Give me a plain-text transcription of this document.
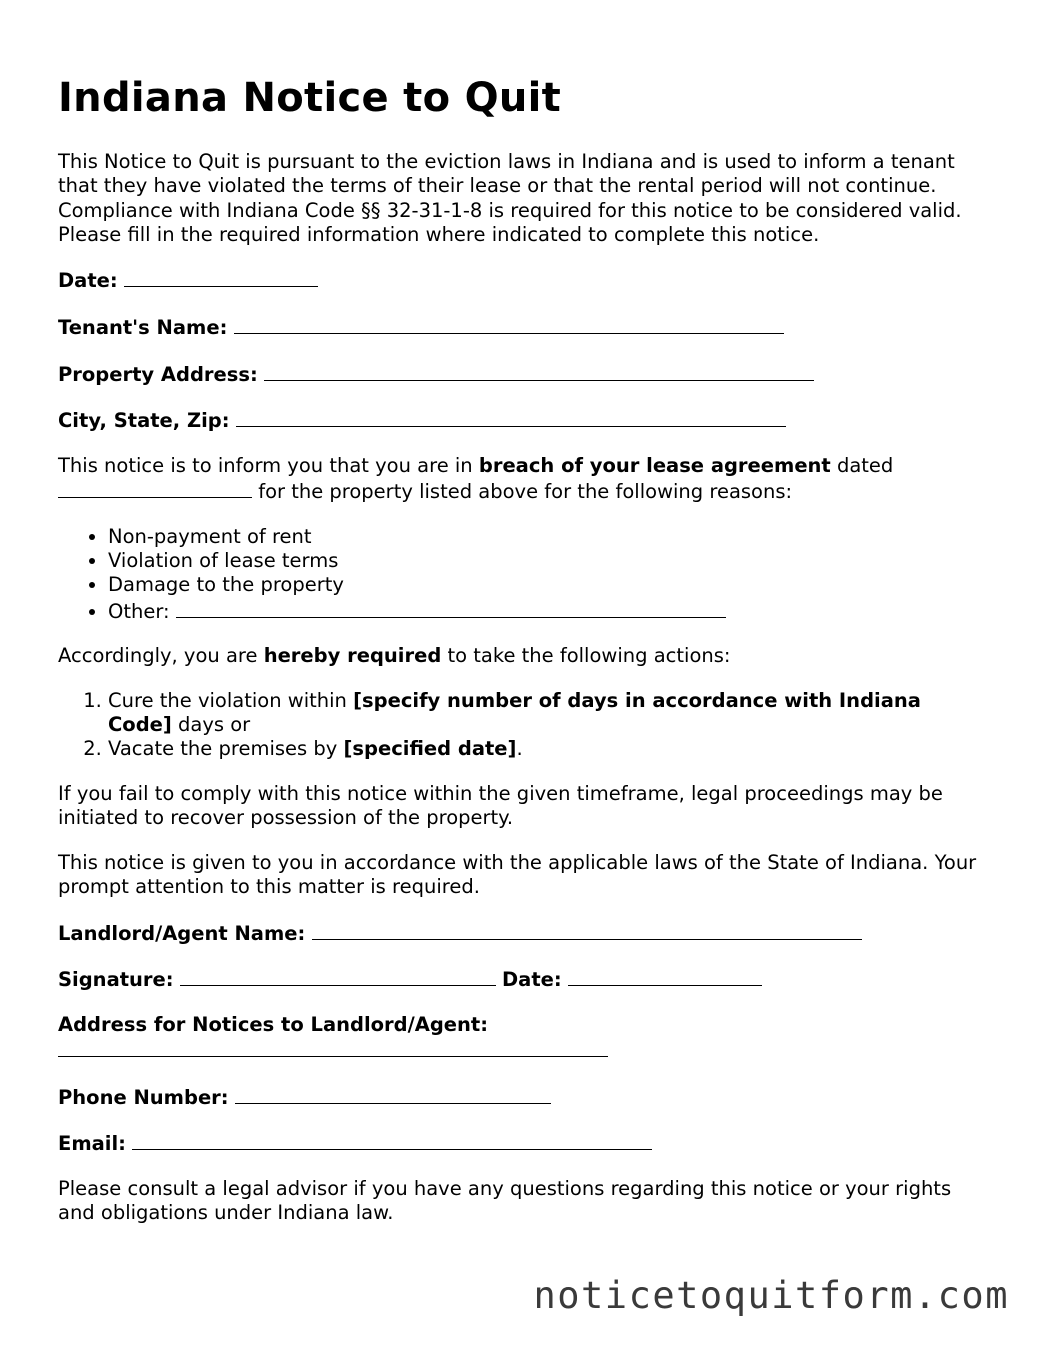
Indiana Notice to Quit

This Notice to Quit is pursuant to the eviction laws in Indiana and is used to inform a tenant that they have violated the terms of their lease or that the rental period will not continue. Compliance with Indiana Code §§ 32-31-1-8 is required for this notice to be considered valid. Please fill in the required information where indicated to complete this notice.

Date:
Tenant's Name:
Property Address:
City, State, Zip:

This notice is to inform you that you are in breach of your lease agreement dated
for the property listed above for the following reasons:

• Non-payment of rent
• Violation of lease terms
• Damage to the property
• Other:

Accordingly, you are hereby required to take the following actions:

1. Cure the violation within [specify number of days in accordance with Indiana Code] days or
2. Vacate the premises by [specified date].

If you fail to comply with this notice within the given timeframe, legal proceedings may be initiated to recover possession of the property.

This notice is given to you in accordance with the applicable laws of the State of Indiana. Your prompt attention to this matter is required.

Landlord/Agent Name:
Signature:	Date:
Address for Notices to Landlord/Agent:

Phone Number:
Email:

Please consult a legal advisor if you have any questions regarding this notice or your rights and obligations under Indiana law.

noticetoquitform.com
